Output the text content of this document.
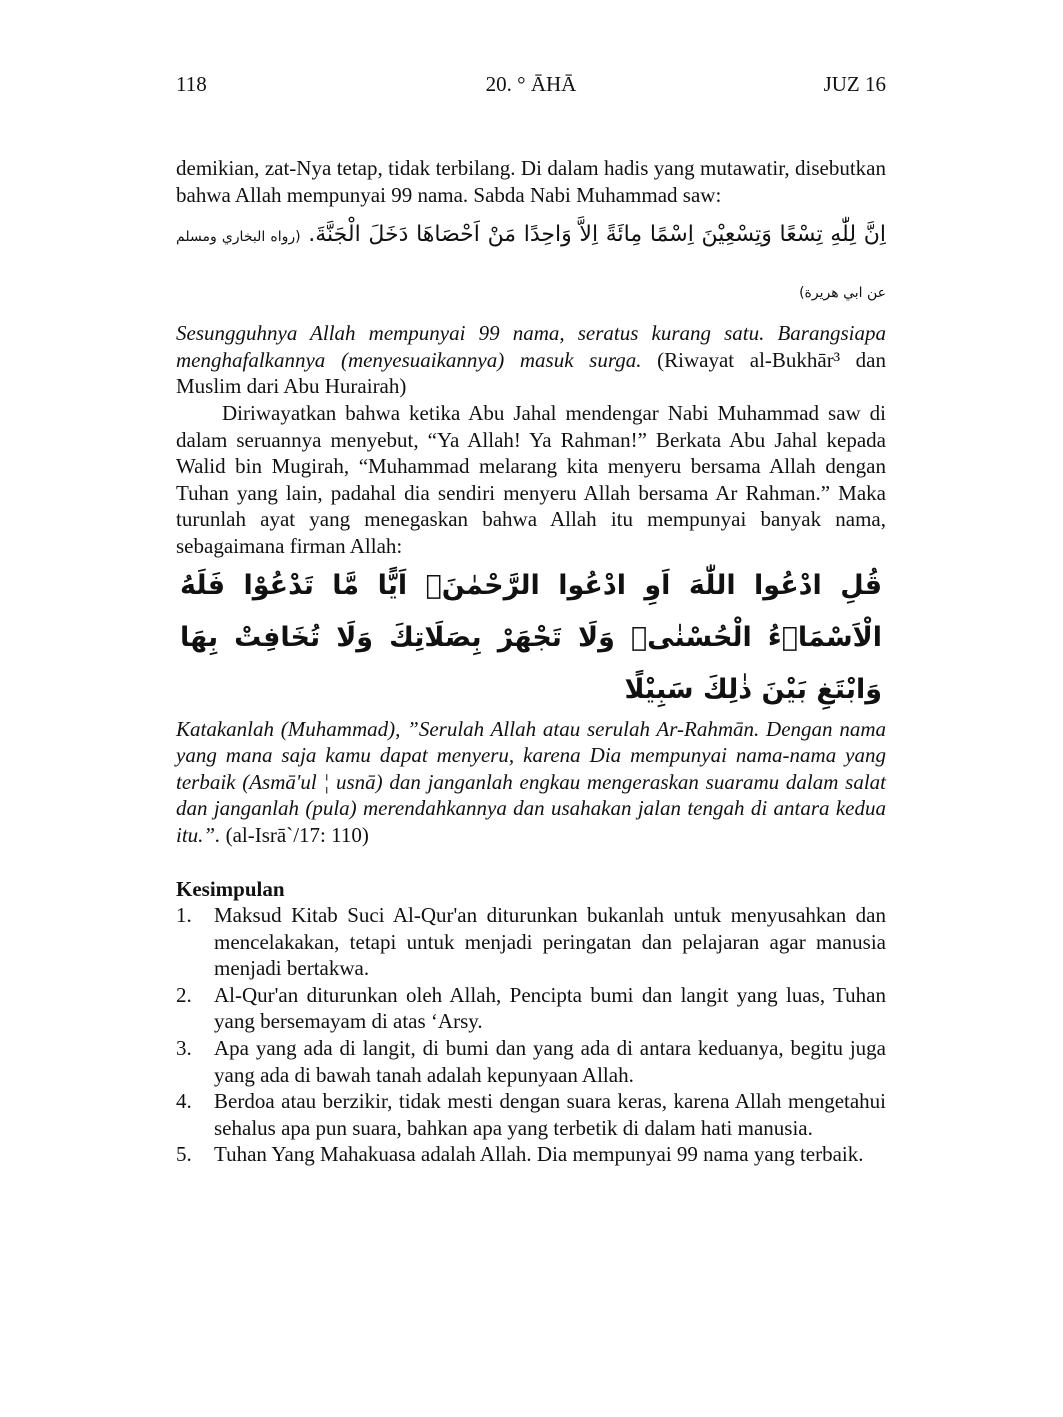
118	20. ° ĀHĀ	JUZ 16

demikian, zat-Nya tetap, tidak terbilang. Di dalam hadis yang mutawatir, disebutkan bahwa Allah mempunyai 99 nama. Sabda Nabi Muhammad saw:

اِنَّ لِلّٰهِ تِسْعًا وَتِسْعِيْنَ اِسْمًا مِائَةً اِلاَّ وَاحِدًا مَنْ اَحْصَاهَا دَخَلَ الْجَنَّةَ. (رواه البخاري ومسلم عن ابي هريرة)

Sesungguhnya Allah mempunyai 99 nama, seratus kurang satu. Barangsiapa menghafalkannya (menyesuaikannya) masuk surga. (Riwayat al-Bukhār³ dan Muslim dari Abu Hurairah)

Diriwayatkan bahwa ketika Abu Jahal mendengar Nabi Muhammad saw di dalam seruannya menyebut, “Ya Allah! Ya Rahman!” Berkata Abu Jahal kepada Walid bin Mugirah, “Muhammad melarang kita menyeru bersama Allah dengan Tuhan yang lain, padahal dia sendiri menyeru Allah bersama Ar Rahman.” Maka turunlah ayat yang menegaskan bahwa Allah itu mempunyai banyak nama, sebagaimana firman Allah:

قُلِ ادْعُوا اللّٰهَ اَوِ ادْعُوا الرَّحْمٰنَۗ اَيًّا مَّا تَدْعُوْا فَلَهُ الْاَسْمَاۤءُ الْحُسْنٰىۚ وَلَا تَجْهَرْ بِصَلَاتِكَ وَلَا تُخَافِتْ بِهَا وَابْتَغِ بَيْنَ ذٰلِكَ سَبِيْلًا

Katakanlah (Muhammad), ”Serulah Allah atau serulah Ar-Rahmān. Dengan nama yang mana saja kamu dapat menyeru, karena Dia mempunyai nama-nama yang terbaik (Asmā'ul ¦ usnā) dan janganlah engkau mengeraskan suaramu dalam salat dan janganlah (pula) merendahkannya dan usahakan jalan tengah di antara kedua itu.”. (al-Isrā`/17: 110)

Kesimpulan
1. Maksud Kitab Suci Al-Qur'an diturunkan bukanlah untuk menyusahkan dan mencelakakan, tetapi untuk menjadi peringatan dan pelajaran agar manusia menjadi bertakwa.
2. Al-Qur'an diturunkan oleh Allah, Pencipta bumi dan langit yang luas, Tuhan yang bersemayam di atas ‘Arsy.
3. Apa yang ada di langit, di bumi dan yang ada di antara keduanya, begitu juga yang ada di bawah tanah adalah kepunyaan Allah.
4. Berdoa atau berzikir, tidak mesti dengan suara keras, karena Allah mengetahui sehalus apa pun suara, bahkan apa yang terbetik di dalam hati manusia.
5. Tuhan Yang Mahakuasa adalah Allah. Dia mempunyai 99 nama yang terbaik.
